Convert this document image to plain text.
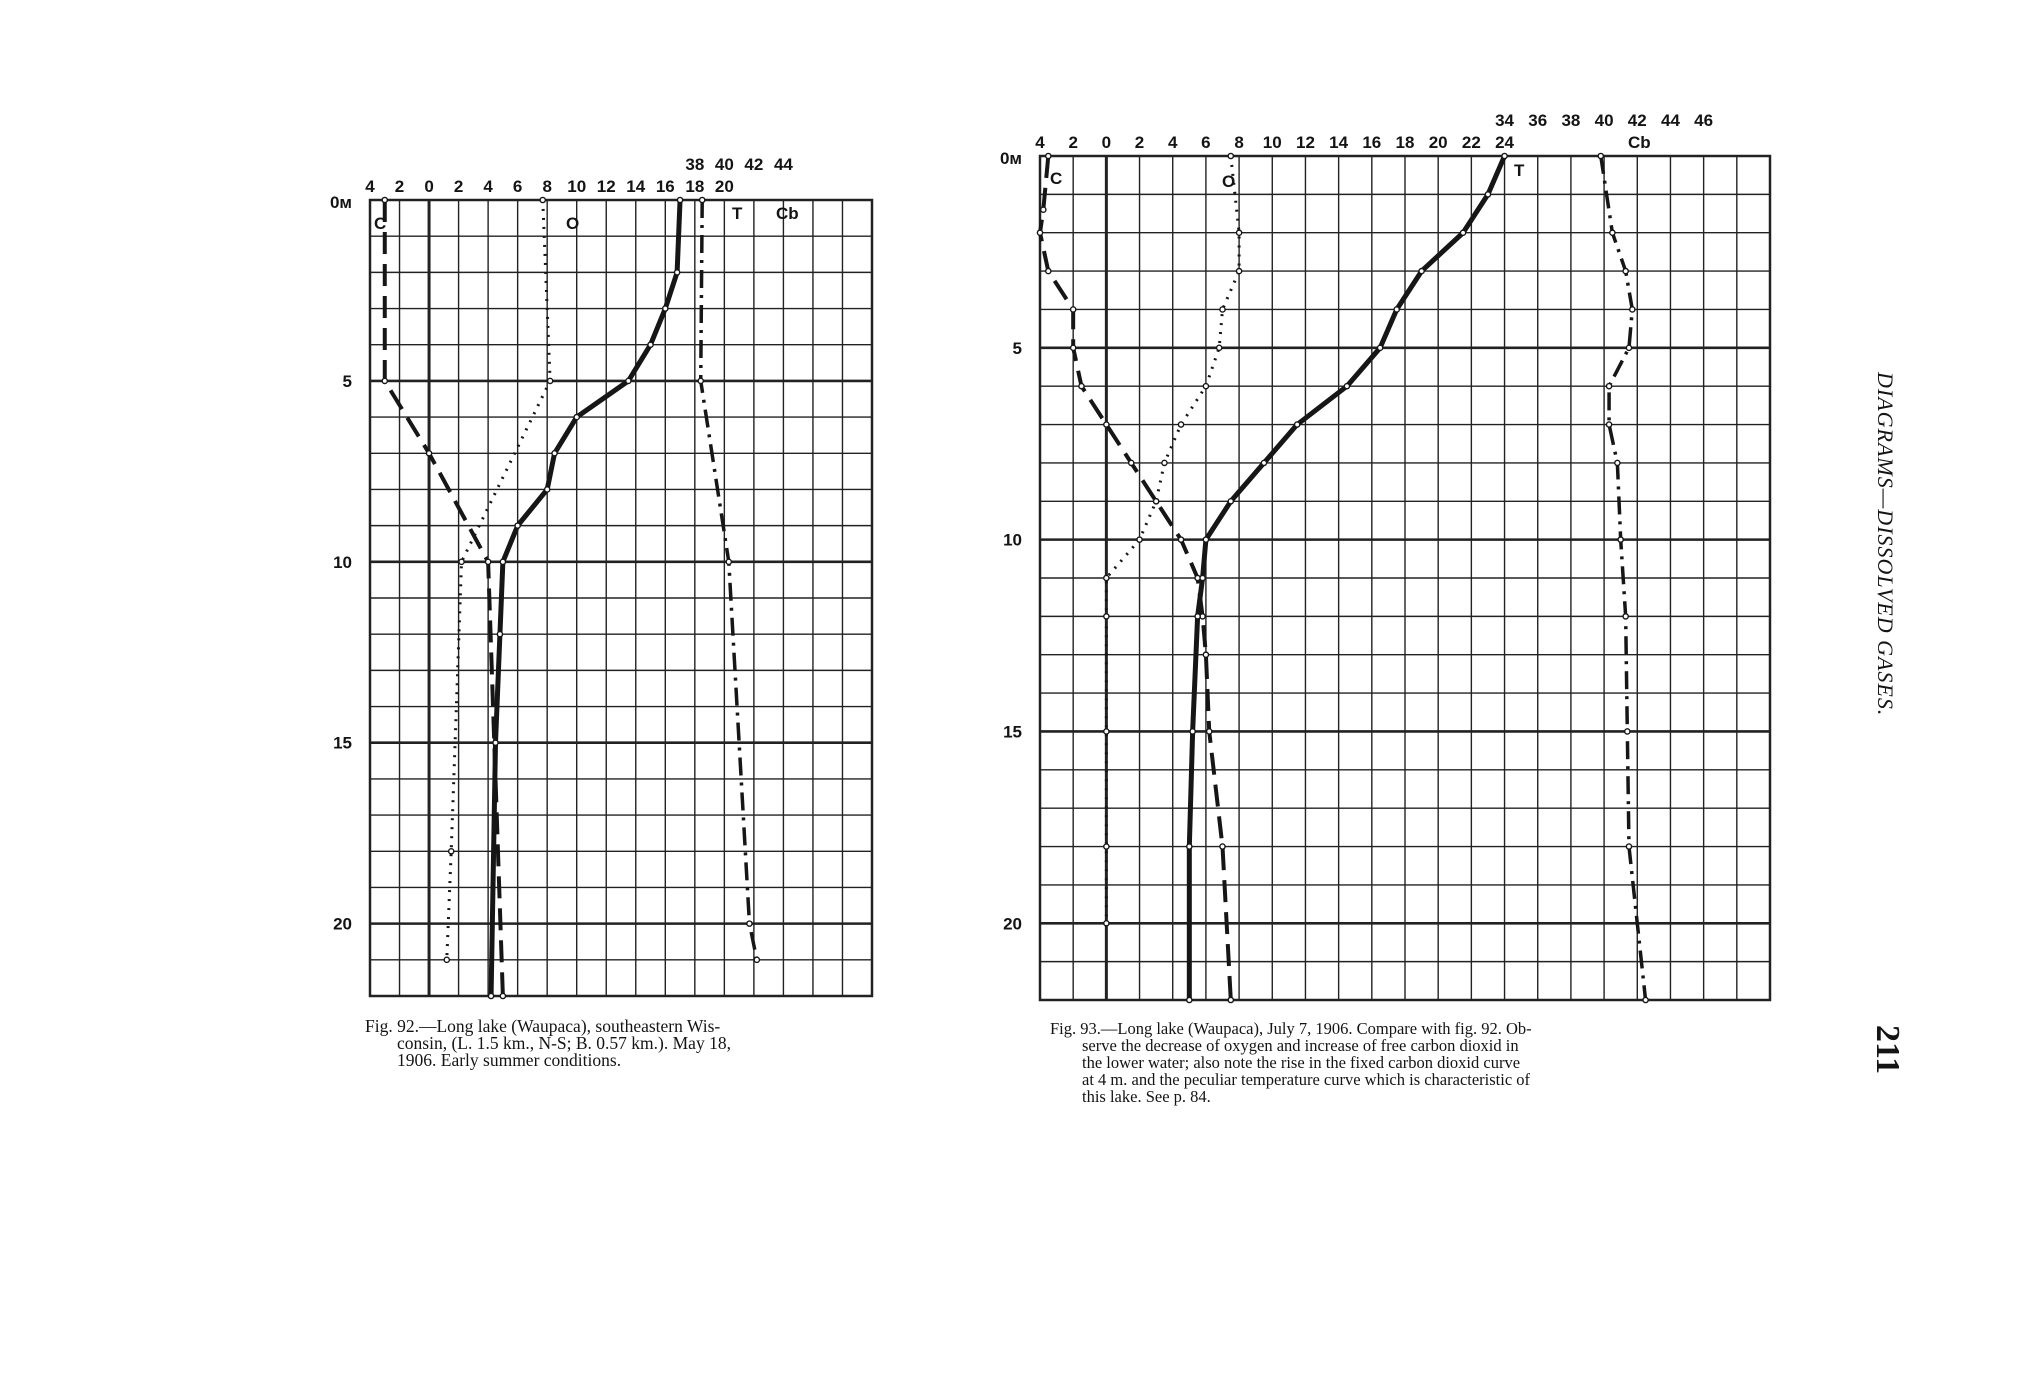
0м
5
10
15
20
4 2 0 2 4 6 8 10 12 14 16 18 20
38 40 42 44
C	O
T Cb
0м
5
10
15
20
4 2 0 2 4 6 8 10 12 14 16 18 20 22 24
34 36 38 40 42 44 46
C	O
T
Cb
Fig. 92.—Long lake (Waupaca), southeastern Wis-
consin, (L. 1.5 km., N-S; B. 0.57 km.). May 18,
1906. Early summer conditions.
Fig. 93.—Long lake (Waupaca), July 7, 1906. Compare with fig. 92. Ob-
serve the decrease of oxygen and increase of free carbon dioxid in
the lower water; also note the rise in the fixed carbon dioxid curve
at 4 m. and the peculiar temperature curve which is characteristic of
this lake. See p. 84.
DIAGRAMS—DISSOLVED GASES.
211
